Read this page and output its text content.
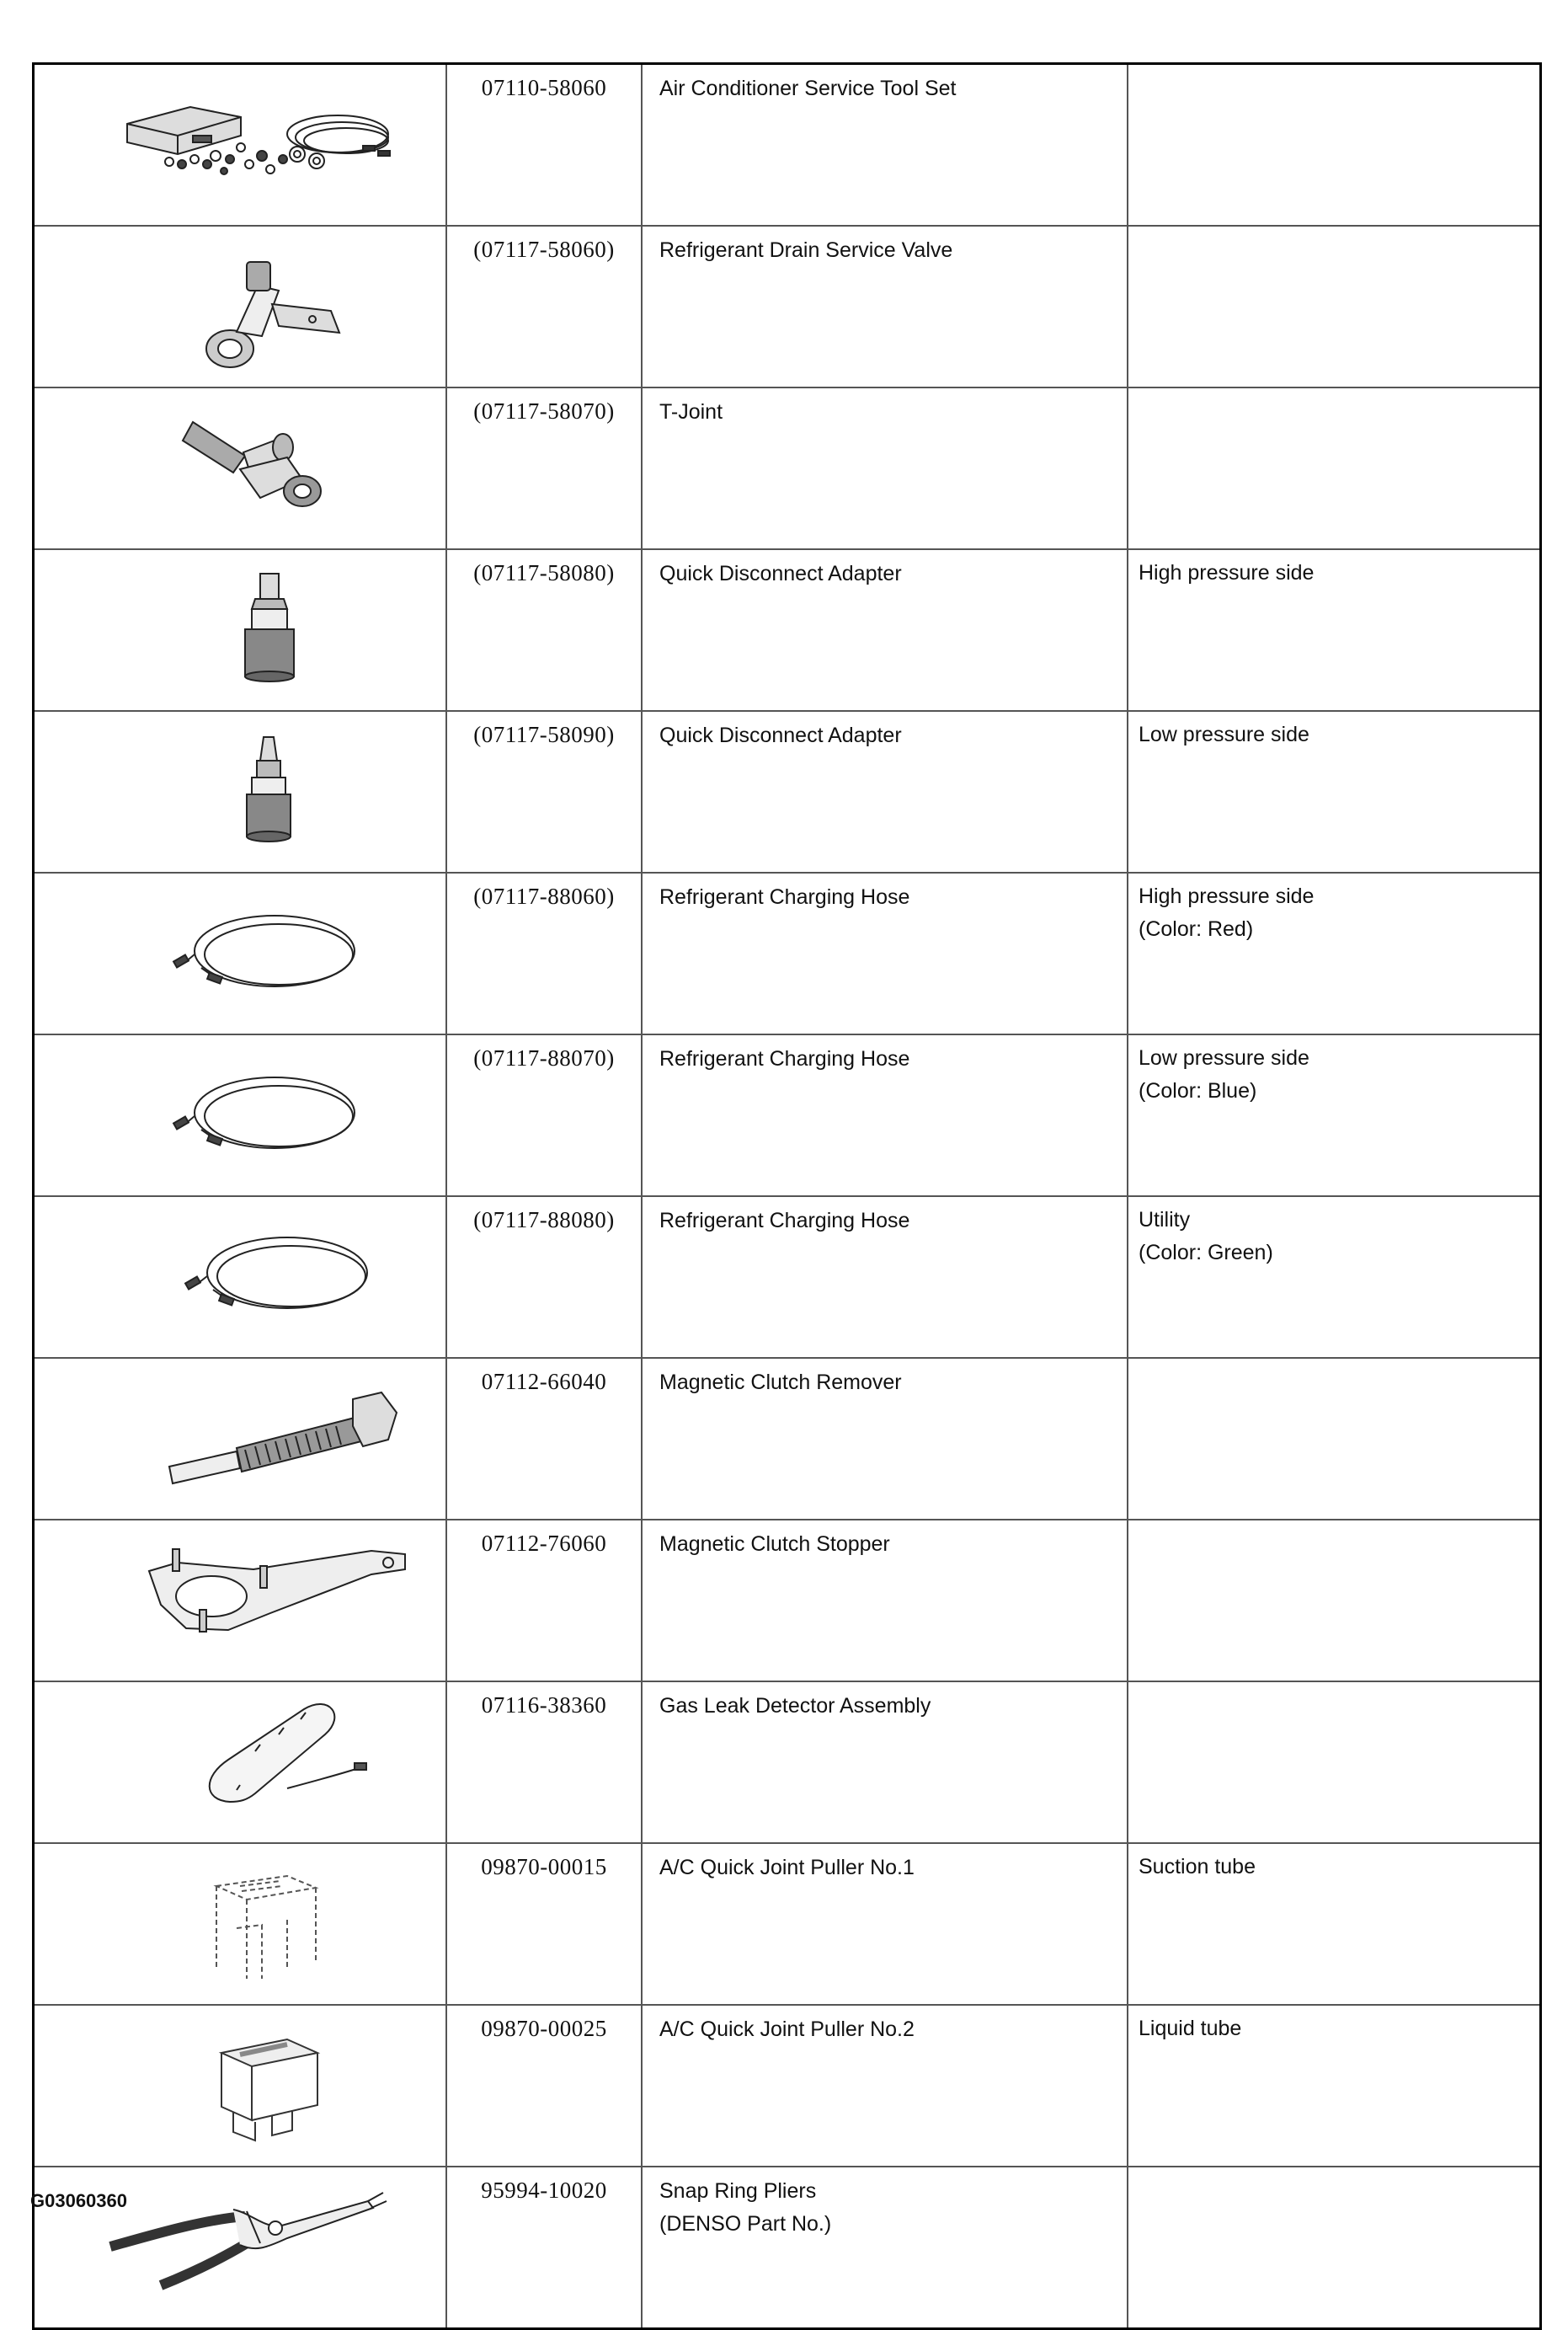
	07110-58060	Air Conditioner Service Tool Set

	(07117-58060)	Refrigerant Drain Service Valve

	(07117-58070)	T-Joint

	(07117-58080)	Quick Disconnect Adapter	High pressure side

	(07117-58090)	Quick Disconnect Adapter	Low pressure side

	(07117-88060)	Refrigerant Charging Hose	High pressure side
(Color: Red)

	(07117-88070)	Refrigerant Charging Hose	Low pressure side
(Color: Blue)

	(07117-88080)	Refrigerant Charging Hose	Utility
(Color: Green)

	07112-66040	Magnetic Clutch Remover

	07112-76060	Magnetic Clutch Stopper

	07116-38360	Gas Leak Detector Assembly

	09870-00015	A/C Quick Joint Puller No.1	Suction tube

	09870-00025	A/C Quick Joint Puller No.2	Liquid tube

	95994-10020	Snap Ring Pliers
(DENSO Part No.)	

G03060360
